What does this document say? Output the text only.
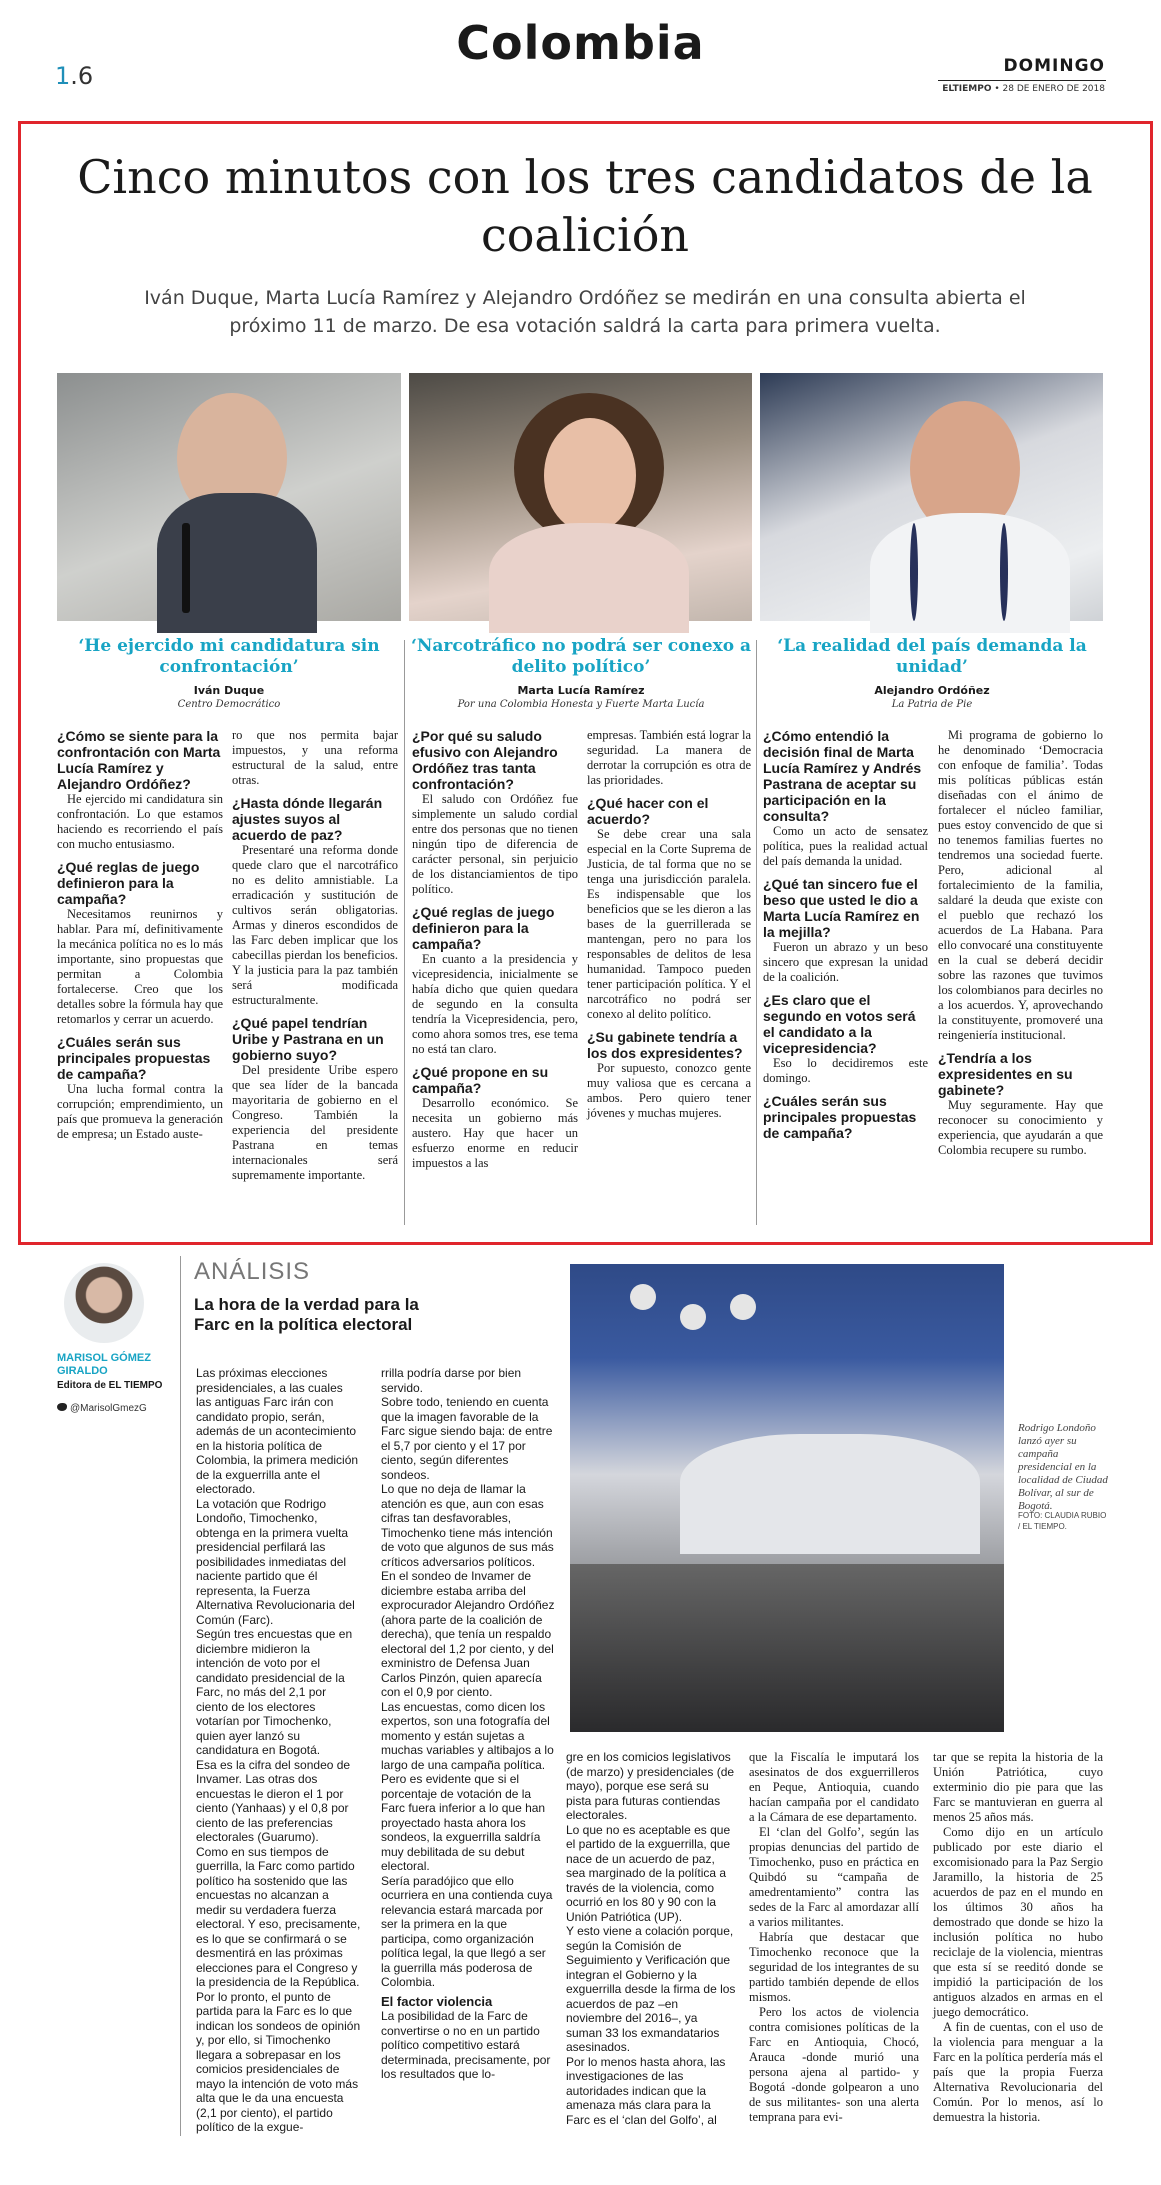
1.6
Colombia	DOMINGO
ELTIEMPO • 28 DE ENERO DE 2018
Cinco minutos con los tres candidatos de la coalición

Iván Duque, Marta Lucía Ramírez y Alejandro Ordóñez se medirán en una consulta abierta el próximo 11 de marzo. De esa votación saldrá la carta para primera vuelta.

‘He ejercido mi candidatura sin confrontación’
Iván Duque
Centro Democrático
‘Narcotráfico no podrá ser conexo a delito político’
Marta Lucía Ramírez
Por una Colombia Honesta y Fuerte Marta Lucía
‘La realidad del país demanda la unidad’
Alejandro Ordóñez
La Patria de Pie
¿Cómo se siente para la confrontación con Marta Lucía Ramírez y Alejandro Ordóñez?
He ejercido mi candidatura sin confrontación. Lo que estamos haciendo es recorriendo el país con mucho entusiasmo.
¿Qué reglas de juego definieron para la campaña?
Necesitamos reunirnos y hablar. Para mí, definitivamente la mecánica política no es lo más importante, sino propuestas que permitan a Colombia fortalecerse. Creo que los detalles sobre la fórmula hay que retomarlos y cerrar un acuerdo.
¿Cuáles serán sus principales propuestas de campaña?
Una lucha formal contra la corrupción; emprendimiento, un país que promueva la generación de empresa; un Estado auste-
ro que nos permita bajar impuestos, y una reforma estructural de la salud, entre otras.
¿Hasta dónde llegarán ajustes suyos al acuerdo de paz?
Presentaré una reforma donde quede claro que el narcotráfico no es delito amnistiable. La erradicación y sustitución de cultivos serán obligatorias. Armas y dineros escondidos de las Farc deben implicar que los cabecillas pierdan los beneficios. Y la justicia para la paz también será modificada estructuralmente.
¿Qué papel tendrían Uribe y Pastrana en un gobierno suyo?
Del presidente Uribe espero que sea líder de la bancada mayoritaria de gobierno en el Congreso. También la experiencia del presidente Pastrana en temas internacionales será supremamente importante.
¿Por qué su saludo efusivo con Alejandro Ordóñez tras tanta confrontación?
El saludo con Ordóñez fue simplemente un saludo cordial entre dos personas que no tienen ningún tipo de diferencia de carácter personal, sin perjuicio de los distanciamientos de tipo político.
¿Qué reglas de juego definieron para la campaña?
En cuanto a la presidencia y vicepresidencia, inicialmente se había dicho que quien quedara de segundo en la consulta tendría la Vicepresidencia, pero, como ahora somos tres, ese tema no está tan claro.
¿Qué propone en su campaña?
Desarrollo económico. Se necesita un gobierno más austero. Hay que hacer un esfuerzo enorme en reducir impuestos a las
empresas. También está lograr la seguridad. La manera de derrotar la corrupción es otra de las prioridades.
¿Qué hacer con el acuerdo?
Se debe crear una sala especial en la Corte Suprema de Justicia, de tal forma que no se tenga una jurisdicción paralela. Es indispensable que los beneficios que se les dieron a las bases de la guerrillerada se mantengan, pero no para los responsables de delitos de lesa humanidad. Tampoco pueden tener participación política. Y el narcotráfico no podrá ser conexo al delito político.
¿Su gabinete tendría a los dos expresidentes?
Por supuesto, conozco gente muy valiosa que es cercana a ambos. Pero quiero tener jóvenes y muchas mujeres.
¿Cómo entendió la decisión final de Marta Lucía Ramírez y Andrés Pastrana de aceptar su participación en la consulta?
Como un acto de sensatez política, pues la realidad actual del país demanda la unidad.
¿Qué tan sincero fue el beso que usted le dio a Marta Lucía Ramírez en la mejilla?
Fueron un abrazo y un beso sincero que expresan la unidad de la coalición.
¿Es claro que el segundo en votos será el candidato a la vicepresidencia?
Eso lo decidiremos este domingo.
¿Cuáles serán sus principales propuestas de campaña?
Mi programa de gobierno lo he denominado ‘Democracia con enfoque de familia’. Todas mis políticas públicas están diseñadas con el ánimo de fortalecer el núcleo familiar, pues estoy convencido de que si no tenemos familias fuertes no tendremos una sociedad fuerte. Pero, adicional al fortalecimiento de la familia, saldaré la deuda que existe con el pueblo que rechazó los acuerdos de La Habana. Para ello convocaré una constituyente en la cual se deberá decidir sobre las razones que tuvimos los colombianos para decirles no a los acuerdos. Y, aprovechando la constituyente, promoveré una reingeniería institucional.
¿Tendría a los expresidentes en su gabinete?
Muy seguramente. Hay que reconocer su conocimiento y experiencia, que ayudarán a que Colombia recupere su rumbo.
MARISOL GÓMEZ GIRALDO
Editora de EL TIEMPO
@MarisolGmezG
ANÁLISIS
La hora de la verdad para la Farc en la política electoral
Rodrigo Londoño lanzó ayer su campaña presidencial en la localidad de Ciudad Bolívar, al sur de Bogotá.
FOTO: CLAUDIA RUBIO / EL TIEMPO.
Las próximas elecciones presidenciales, a las cuales las antiguas Farc irán con candidato propio, serán, además de un acontecimiento en la historia política de Colombia, la primera medición de la exguerrilla ante el electorado.
La votación que Rodrigo Londoño, Timochenko, obtenga en la primera vuelta presidencial perfilará las posibilidades inmediatas del naciente partido que él representa, la Fuerza Alternativa Revolucionaria del Común (Farc).
Según tres encuestas que en diciembre midieron la intención de voto por el candidato presidencial de la Farc, no más del 2,1 por ciento de los electores votarían por Timochenko, quien ayer lanzó su candidatura en Bogotá.
Esa es la cifra del sondeo de Invamer. Las otras dos encuestas le dieron el 1 por ciento (Yanhaas) y el 0,8 por ciento de las preferencias electorales (Guarumo).
Como en sus tiempos de guerrilla, la Farc como partido político ha sostenido que las encuestas no alcanzan a medir su verdadera fuerza electoral. Y eso, precisamente, es lo que se confirmará o se desmentirá en las próximas elecciones para el Congreso y la presidencia de la República.
Por lo pronto, el punto de partida para la Farc es lo que indican los sondeos de opinión y, por ello, si Timochenko llegara a sobrepasar en los comicios presidenciales de mayo la intención de voto más alta que le da una encuesta (2,1 por ciento), el partido político de la exgue-
rrilla podría darse por bien servido.
Sobre todo, teniendo en cuenta que la imagen favorable de la Farc sigue siendo baja: de entre el 5,7 por ciento y el 17 por ciento, según diferentes sondeos.
Lo que no deja de llamar la atención es que, aun con esas cifras tan desfavorables, Timochenko tiene más intención de voto que algunos de sus más críticos adversarios políticos.
En el sondeo de Invamer de diciembre estaba arriba del exprocurador Alejandro Ordóñez (ahora parte de la coalición de derecha), que tenía un respaldo electoral del 1,2 por ciento, y del exministro de Defensa Juan Carlos Pinzón, quien aparecía con el 0,9 por ciento.
Las encuestas, como dicen los expertos, son una fotografía del momento y están sujetas a muchas variables y altibajos a lo largo de una campaña política.
Pero es evidente que si el porcentaje de votación de la Farc fuera inferior a lo que han proyectado hasta ahora los sondeos, la exguerrilla saldría muy debilitada de su debut electoral.
Sería paradójico que ello ocurriera en una contienda cuya relevancia estará marcada por ser la primera en la que participa, como organización política legal, la que llegó a ser la guerrilla más poderosa de Colombia.
El factor violencia
La posibilidad de la Farc de convertirse o no en un partido político competitivo estará determinada, precisamente, por los resultados que lo-
gre en los comicios legislativos (de marzo) y presidenciales (de mayo), porque ese será su pista para futuras contiendas electorales.
Lo que no es aceptable es que el partido de la exguerrilla, que nace de un acuerdo de paz, sea marginado de la política a través de la violencia, como ocurrió en los 80 y 90 con la Unión Patriótica (UP).
Y esto viene a colación porque, según la Comisión de Seguimiento y Verificación que integran el Gobierno y la exguerrilla desde la firma de los acuerdos de paz –en noviembre del 2016–, ya suman 33 los exmandatarios asesinados.
Por lo menos hasta ahora, las investigaciones de las autoridades indican que la amenaza más clara para la Farc es el ‘clan del Golfo’, al
que la Fiscalía le imputará los asesinatos de dos exguerrilleros en Peque, Antioquia, cuando hacían campaña por el candidato a la Cámara de ese departamento.
El ‘clan del Golfo’, según las propias denuncias del partido de Timochenko, puso en práctica en Quibdó su “campaña de amedrentamiento” contra las sedes de la Farc al amordazar allí a varios militantes.
Habría que destacar que Timochenko reconoce que la seguridad de los integrantes de su partido también depende de ellos mismos.
Pero los actos de violencia contra comisiones políticas de la Farc en Antioquia, Chocó, Arauca -donde murió una persona ajena al partido- y Bogotá -donde golpearon a uno de sus militantes- son una alerta temprana para evi-
tar que se repita la historia de la Unión Patriótica, cuyo exterminio dio pie para que las Farc se mantuvieran en guerra al menos 25 años más.
Como dijo en un artículo publicado por este diario el excomisionado para la Paz Sergio Jaramillo, la historia de 25 acuerdos de paz en el mundo en los últimos 30 años ha demostrado que donde se hizo la inclusión política no hubo reciclaje de la violencia, mientras que esta sí se reeditó donde se impidió la participación de los antiguos alzados en armas en el juego democrático.
A fin de cuentas, con el uso de la violencia para menguar a la Farc en la política perdería más el país que la propia Fuerza Alternativa Revolucionaria del Común. Por lo menos, así lo demuestra la historia.
